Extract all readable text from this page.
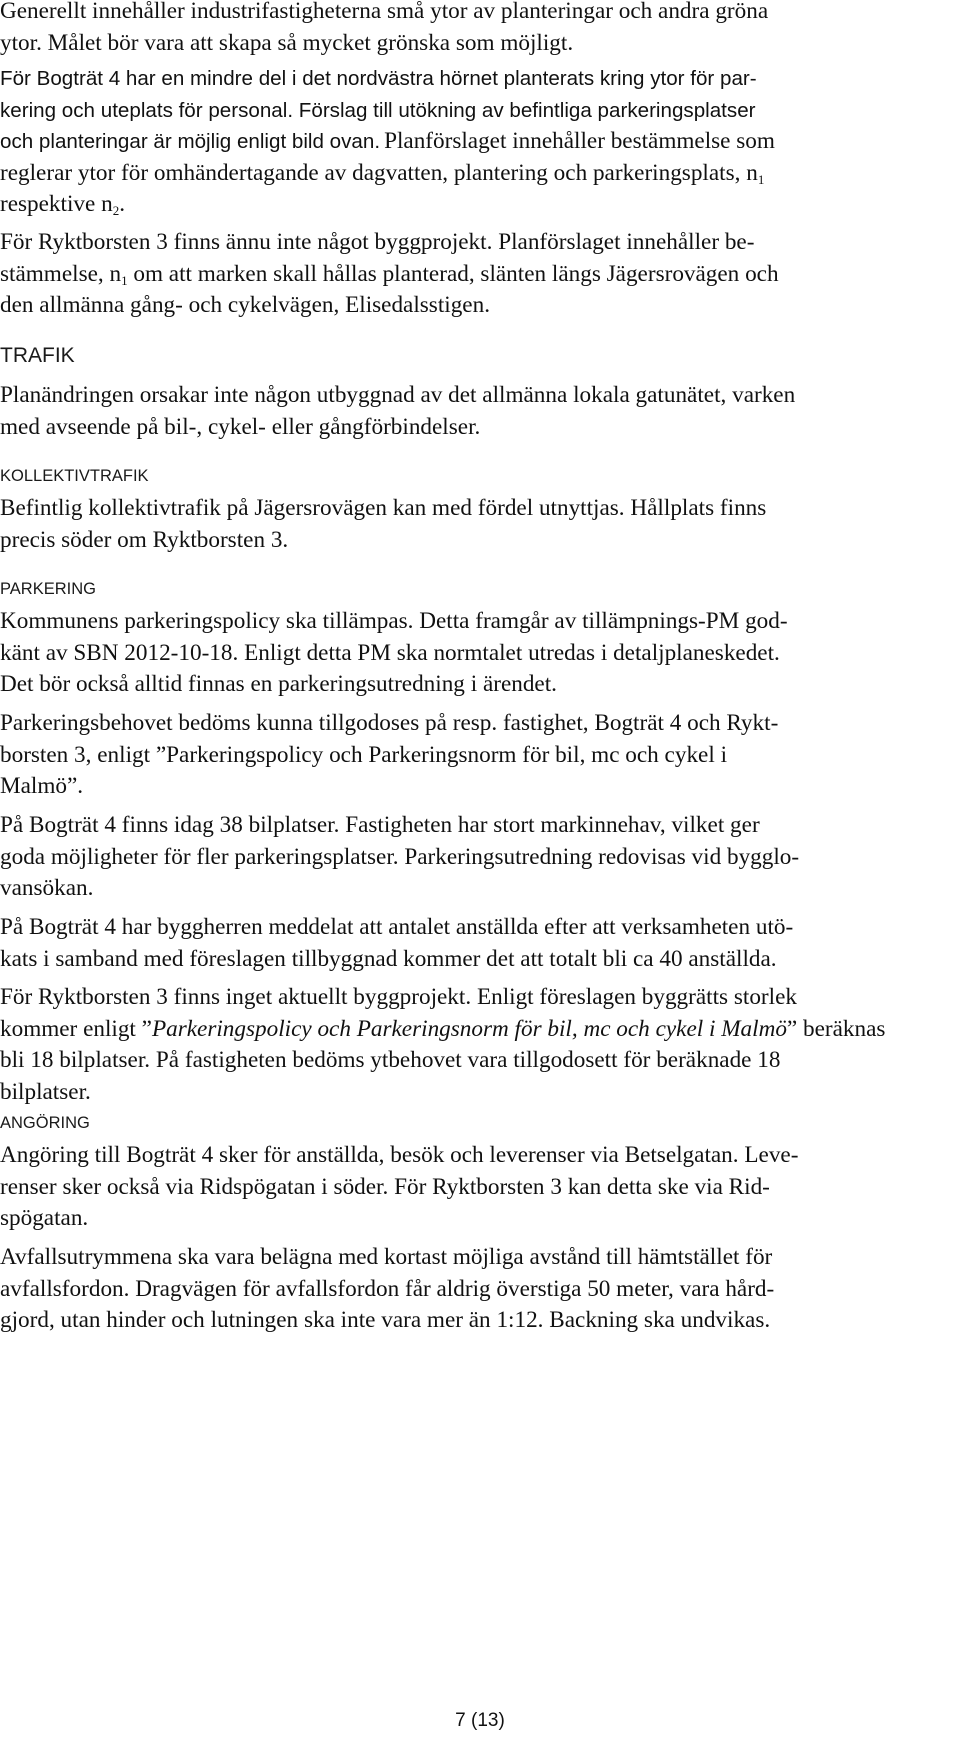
Generellt innehåller industrifastigheterna små ytor av planteringar och andra gröna
ytor. Målet bör vara att skapa så mycket grönska som möjligt.

För Bogträt 4 har en mindre del i det nordvästra hörnet planterats kring ytor för par-
kering och uteplats för personal. Förslag till utökning av befintliga parkeringsplatser
och planteringar är möjlig enligt bild ovan. Planförslaget innehåller bestämmelse som
reglerar ytor för omhändertagande av dagvatten, plantering och parkeringsplats, $n_1$
respektive $n_2$.

För Ryktborsten 3 finns ännu inte något byggprojekt. Planförslaget innehåller be-
stämmelse, $n_1$ om att marken skall hållas planterad, slänten längs Jägersrovägen och
den allmänna gång- och cykelvägen, Elisedalsstigen.

TRAFIK

Planändringen orsakar inte någon utbyggnad av det allmänna lokala gatunätet, varken
med avseende på bil-, cykel- eller gångförbindelser.

KOLLEKTIVTRAFIK

Befintlig kollektivtrafik på Jägersrovägen kan med fördel utnyttjas. Hållplats finns
precis söder om Ryktborsten 3.

PARKERING

Kommunens parkeringspolicy ska tillämpas. Detta framgår av tillämpnings-PM god-
känt av SBN 2012-10-18. Enligt detta PM ska normtalet utredas i detaljplaneskedet.
Det bör också alltid finnas en parkeringsutredning i ärendet.

Parkeringsbehovet bedöms kunna tillgodoses på resp. fastighet, Bogträt 4 och Rykt-
borsten 3, enligt ”Parkeringspolicy och Parkeringsnorm för bil, mc och cykel i
Malmö”.

På Bogträt 4 finns idag 38 bilplatser. Fastigheten har stort markinnehav, vilket ger
goda möjligheter för fler parkeringsplatser. Parkeringsutredning redovisas vid bygglo-
vansökan.

På Bogträt 4 har byggherren meddelat att antalet anställda efter att verksamheten utö-
kats i samband med föreslagen tillbyggnad kommer det att totalt bli ca 40 anställda.

För Ryktborsten 3 finns inget aktuellt byggprojekt. Enligt föreslagen byggrätts storlek
kommer enligt ”Parkeringspolicy och Parkeringsnorm för bil, mc och cykel i Malmö” beräknas
bli 18 bilplatser. På fastigheten bedöms ytbehovet vara tillgodosett för beräknade 18
bilplatser.

ANGÖRING

Angöring till Bogträt 4 sker för anställda, besök och leverenser via Betselgatan. Leve-
renser sker också via Ridspögatan i söder. För Ryktborsten 3 kan detta ske via Rid-
spögatan.

Avfallsutrymmena ska vara belägna med kortast möjliga avstånd till hämtstället för
avfallsfordon. Dragvägen för avfallsfordon får aldrig överstiga 50 meter, vara hård-
gjord, utan hinder och lutningen ska inte vara mer än 1:12. Backning ska undvikas.

7 (13)
